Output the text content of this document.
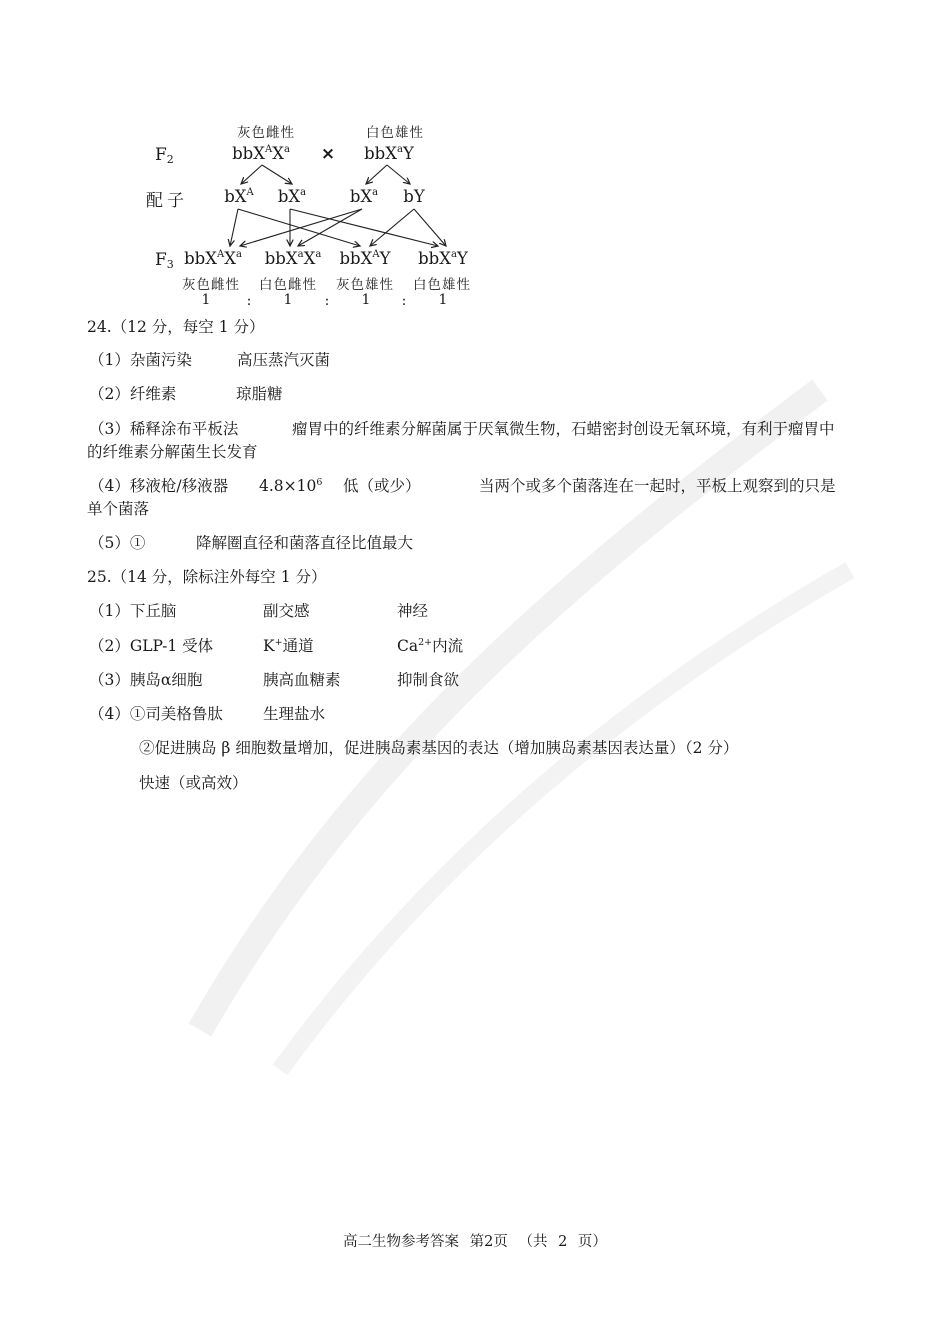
灰色雌性	白色雄性
$F_2$
配子
$F_3$
$bbX^AX^a \times bbX^aY$
$bX^A$ $bX^a$	$bX^a$ bY
$bbX^AX^a$ $bbX^aX^a$ bbX$^A$Y bbX$^a$Y
灰色雌性 白色雌性 灰色雄性 白色雄性
1	: 1 : 1 : 1
24.（12 分，每空 1 分）
（1）杂菌污染	高压蒸汽灭菌
（2）纤维素	琼脂糖
（3）稀释涂布平板法	瘤胃中的纤维素分解菌属于厌氧微生物，石蜡密封创设无氧环境，有利于瘤胃中
的纤维素分解菌生长发育
（4）移液枪/移液器 $4.8\times 10^6$ 低（或少）	当两个或多个菌落连在一起时，平板上观察到的只是
单个菌落
（5）①	降解圈直径和菌落直径比值最大
25.（14 分，除标注外每空 1 分）
（1）下丘脑	副交感	神经
（2）GLP-1 受体	K+通道	$Ca^{2+}$内流
（3）胰岛α细胞	胰高血糖素	抑制食欲
（4）①司美格鲁肽	生理盐水
②促进胰岛 β 细胞数量增加，促进胰岛素基因的表达（增加胰岛素基因表达量）（2 分）
快速（或高效）
高二生物参考答案 第2页 （共 2 页）
